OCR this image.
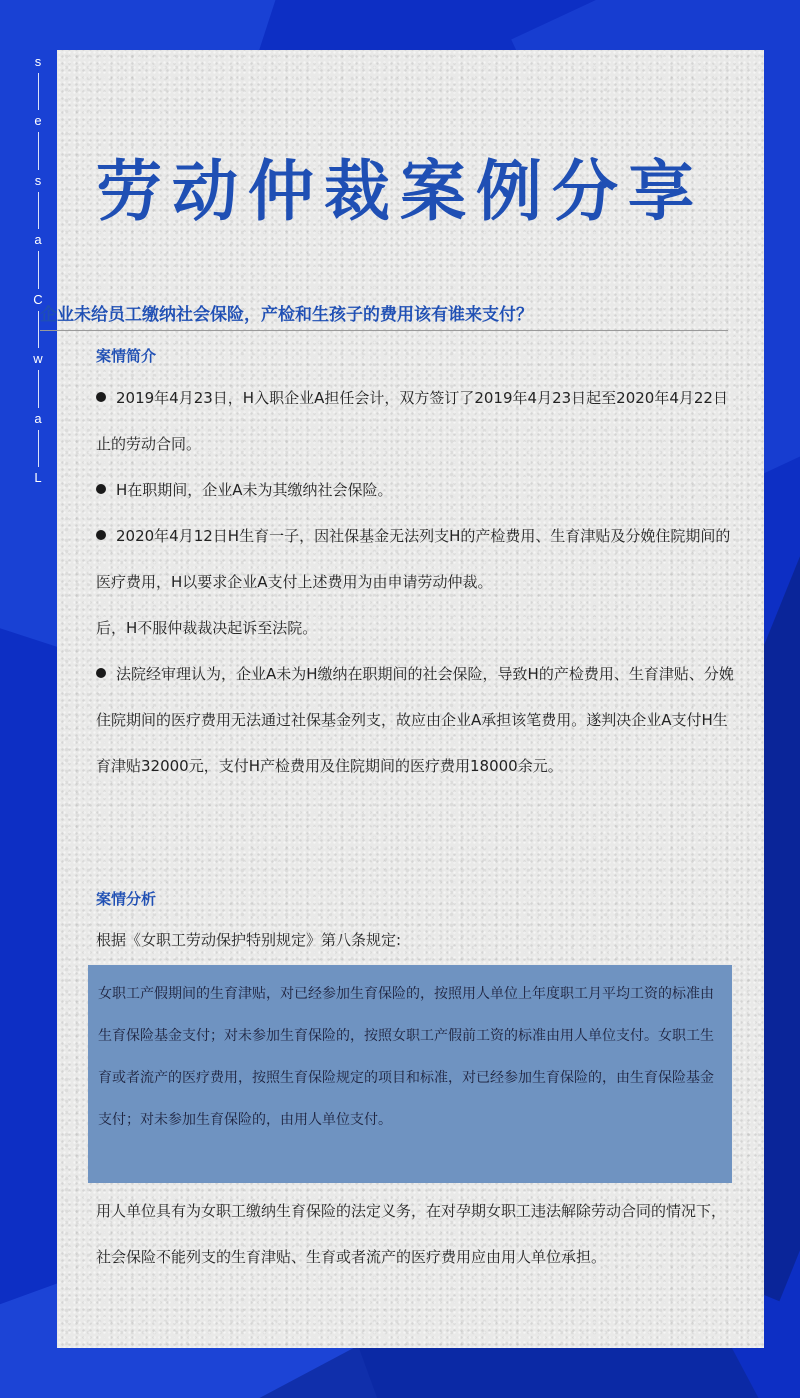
s
e
s
a
C
w
a
L
劳动仲裁案例分享
企业未给员工缴纳社会保险，产检和生孩子的费用该有谁来支付？
案情简介
2019年4月23日，H入职企业A担任会计，双方签订了2019年4月23日起至2020年4月22日止的劳动合同。
H在职期间，企业A未为其缴纳社会保险。
2020年4月12日H生育一子，因社保基金无法列支H的产检费用、生育津贴及分娩住院期间的医疗费用，H以要求企业A支付上述费用为由申请劳动仲裁。
后，H不服仲裁裁决起诉至法院。
法院经审理认为，企业A未为H缴纳在职期间的社会保险，导致H的产检费用、生育津贴、分娩住院期间的医疗费用无法通过社保基金列支，故应由企业A承担该笔费用。遂判决企业A支付H生育津贴32000元，支付H产检费用及住院期间的医疗费用18000余元。
案情分析
根据《女职工劳动保护特别规定》第八条规定:
女职工产假期间的生育津贴，对已经参加生育保险的，按照用人单位上年度职工月平均工资的标准由生育保险基金支付；对未参加生育保险的，按照女职工产假前工资的标准由用人单位支付。女职工生育或者流产的医疗费用，按照生育保险规定的项目和标准，对已经参加生育保险的，由生育保险基金支付；对未参加生育保险的，由用人单位支付。
用人单位具有为女职工缴纳生育保险的法定义务，在对孕期女职工违法解除劳动合同的情况下，社会保险不能列支的生育津贴、生育或者流产的医疗费用应由用人单位承担。
